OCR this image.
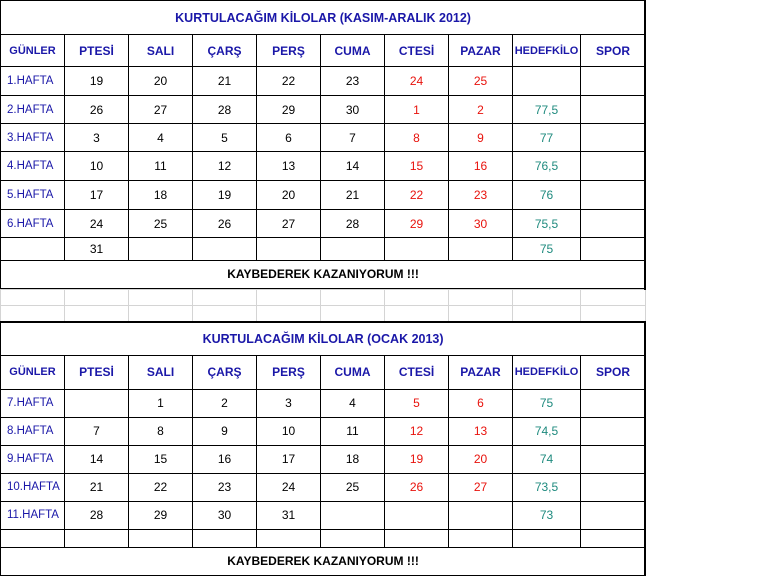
KURTULACAĞIM KİLOLAR (KASIM-ARALIK 2012)									
GÜNLER	PTESİ	SALI	ÇARŞ	PERŞ	CUMA	CTESİ	PAZAR	HEDEFKİLO	SPOR
1.HAFTA	19	20	21	22	23	24	25		
2.HAFTA	26	27	28	29	30	1	2	77,5	
3.HAFTA	3	4	5	6	7	8	9	77	
4.HAFTA	10	11	12	13	14	15	16	76,5	
5.HAFTA	17	18	19	20	21	22	23	76	
6.HAFTA	24	25	26	27	28	29	30	75,5	
	31							75	
KAYBEDEREK KAZANIYORUM !!!									

KURTULACAĞIM KİLOLAR (OCAK 2013)									
GÜNLER	PTESİ	SALI	ÇARŞ	PERŞ	CUMA	CTESİ	PAZAR	HEDEFKİLO	SPOR
7.HAFTA		1	2	3	4	5	6	75	
8.HAFTA	7	8	9	10	11	12	13	74,5	
9.HAFTA	14	15	16	17	18	19	20	74	
10.HAFTA	21	22	23	24	25	26	27	73,5	
11.HAFTA	28	29	30	31				73	

KAYBEDEREK KAZANIYORUM !!!									
